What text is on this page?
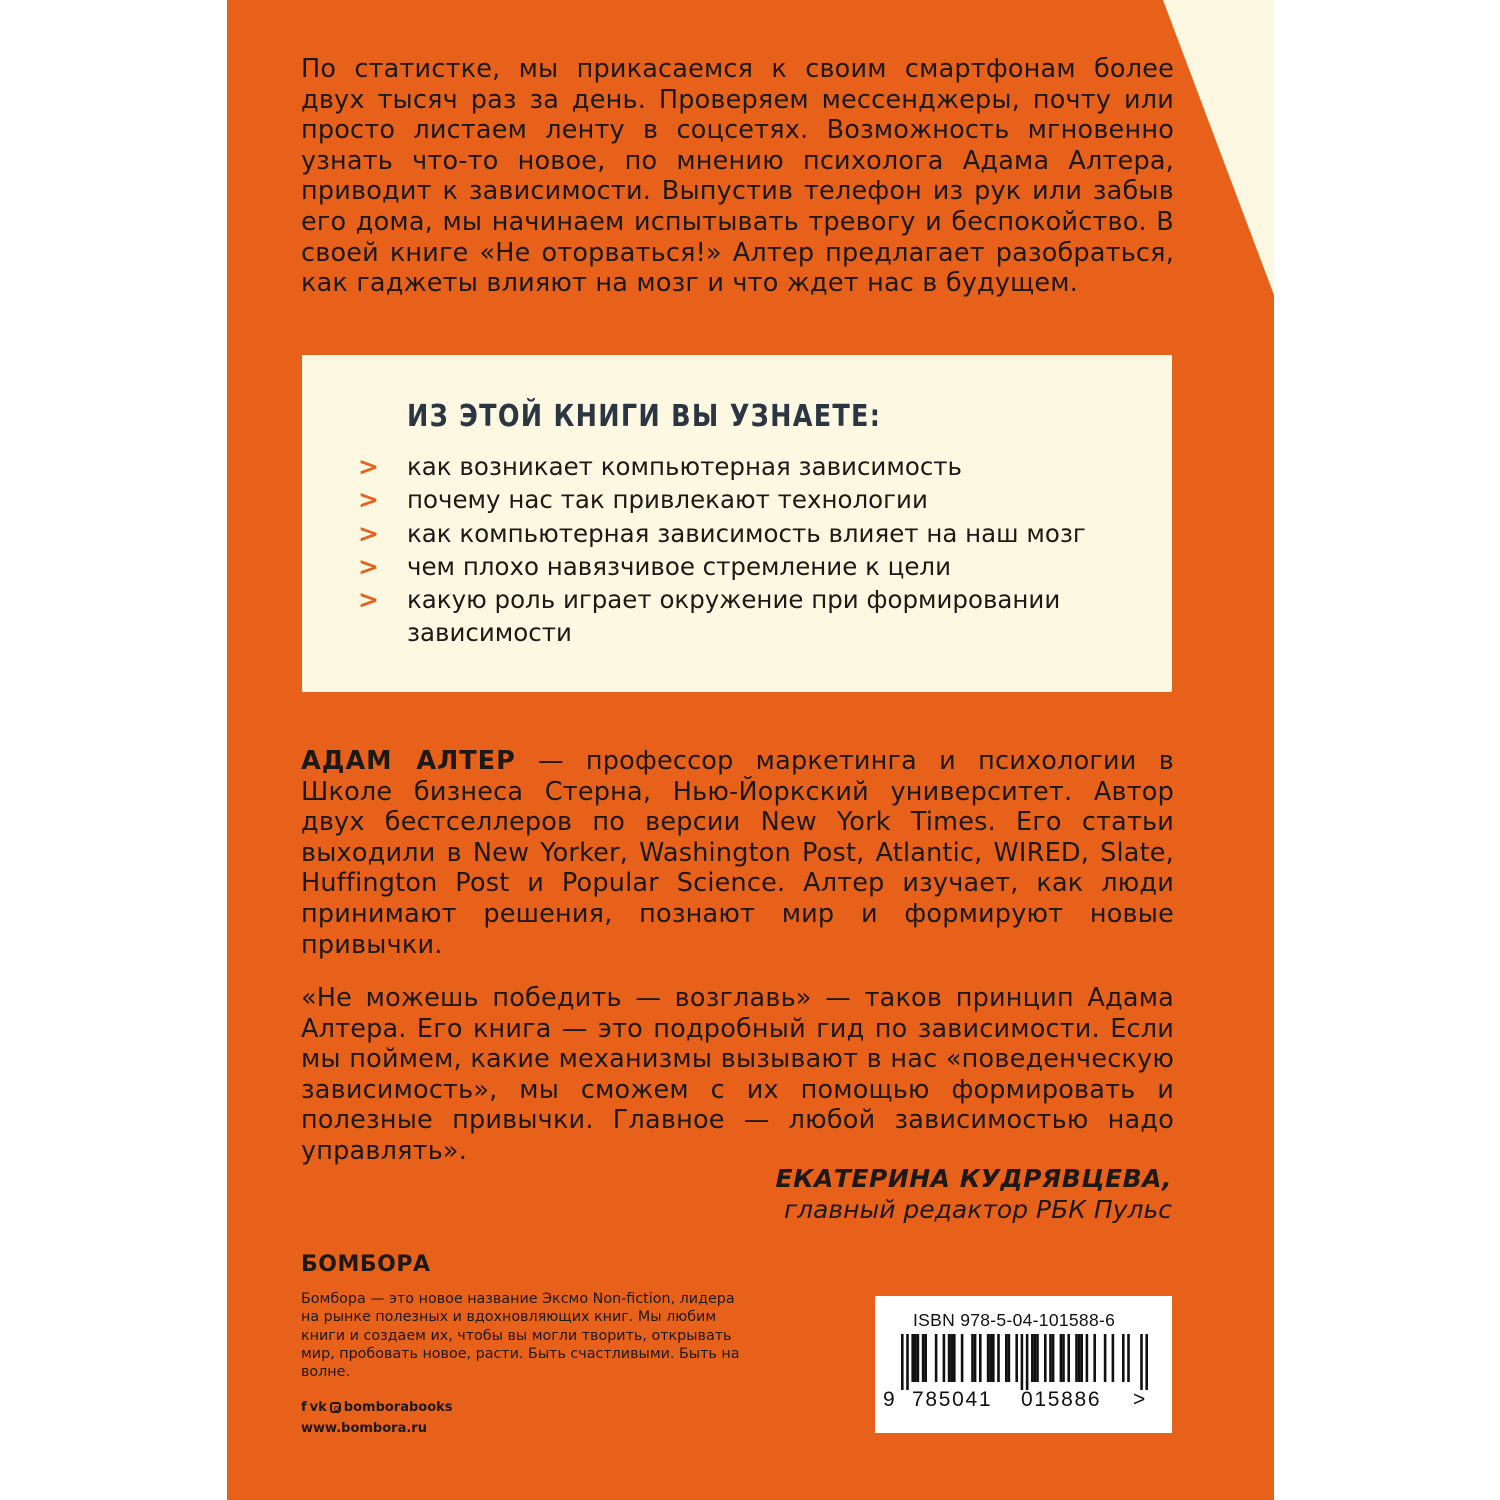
По статистке, мы прикасаемся к своим смартфонам более двух тысяч раз за день. Проверяем мессенджеры, почту или просто листаем ленту в соцсетях. Возможность мгновенно узнать что-то новое, по мнению психолога Адама Алтера, приводит к зависимости. Выпустив телефон из рук или забыв его дома, мы начинаем испытывать тревогу и беспокойство. В своей книге «Не оторваться!» Алтер предлагает разобраться, как гаджеты влияют на мозг и что ждет нас в будущем.

ИЗ ЭТОЙ КНИГИ ВЫ УЗНАЕТЕ:
> как возникает компьютерная зависимость
> почему нас так привлекают технологии
> как компьютерная зависимость влияет на наш мозг
> чем плохо навязчивое стремление к цели
> какую роль играет окружение при формировании зависимости

АДАМ АЛТЕР — профессор маркетинга и психологии в Школе бизнеса Стерна, Нью-Йоркский университет. Автор двух бестселлеров по версии New York Times. Его статьи выходили в New Yorker, Washington Post, Atlantic, WIRED, Slate, Huffington Post и Popular Science. Алтер изучает, как люди принимают решения, познают мир и формируют новые привычки.

«Не можешь победить — возглавь» — таков принцип Адама Алтера. Его книга — это подробный гид по зависимости. Если мы поймем, какие механизмы вызывают в нас «поведенческую зависимость», мы сможем с их помощью формировать и полезные привычки. Главное — любой зависимостью надо управлять».

ЕКАТЕРИНА КУДРЯВЦЕВА,
главный редактор РБК Пульс
БОМБОРА
Бомбора — это новое название Эксмо Non-fiction, лидера на рынке полезных и вдохновляющих книг. Мы любим книги и создаем их, чтобы вы могли творить, открывать мир, пробовать новое, расти. Быть счастливыми. Быть на волне.
f vk bomborabooks
www.bombora.ru
ISBN 978-5-04-101588-6
9 785041 015886 >
